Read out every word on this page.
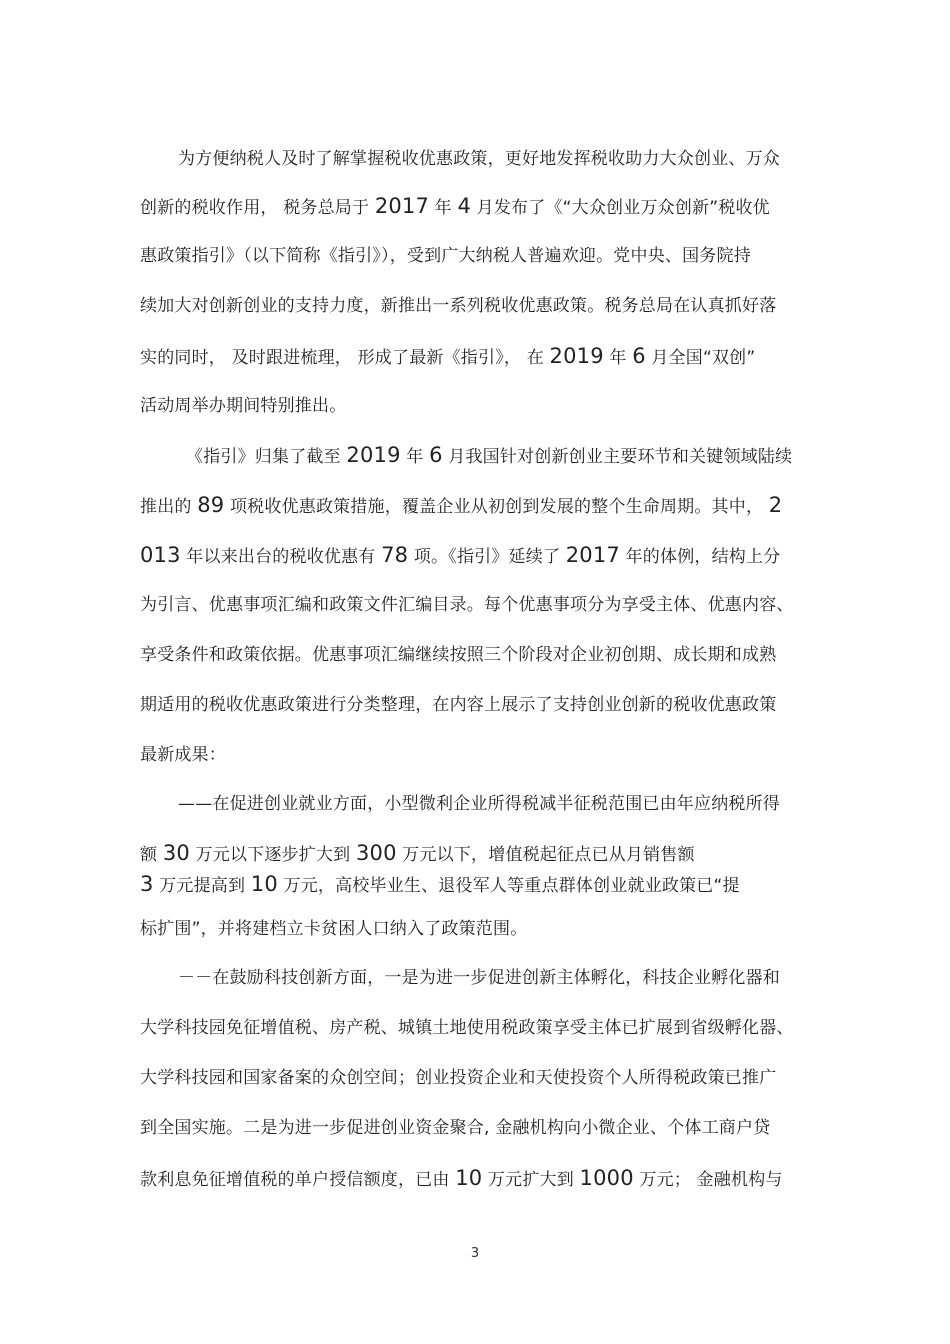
为方便纳税人及时了解掌握税收优惠政策，更好地发挥税收助力大众创业、万众
创新的税收作用， 税务总局于 2017 年 4 月发布了《“大众创业万众创新”税收优
惠政策指引》（以下简称《指引》），受到广大纳税人普遍欢迎。党中央、国务院持
续加大对创新创业的支持力度，新推出一系列税收优惠政策。税务总局在认真抓好落
实的同时， 及时跟进梳理， 形成了最新《指引》， 在 2019 年 6 月全国“双创”
活动周举办期间特别推出。
《指引》归集了截至 2019 年 6 月我国针对创新创业主要环节和关键领域陆续
推出的 89 项税收优惠政策措施，覆盖企业从初创到发展的整个生命周期。其中， 2
013 年以来出台的税收优惠有 78 项。《指引》延续了 2017 年的体例，结构上分
为引言、优惠事项汇编和政策文件汇编目录。每个优惠事项分为享受主体、优惠内容、
享受条件和政策依据。优惠事项汇编继续按照三个阶段对企业初创期、成长期和成熟
期适用的税收优惠政策进行分类整理，在内容上展示了支持创业创新的税收优惠政策
最新成果：
——在促进创业就业方面，小型微利企业所得税减半征税范围已由年应纳税所得
额 30 万元以下逐步扩大到 300 万元以下，增值税起征点已从月销售额
3 万元提高到 10 万元，高校毕业生、退役军人等重点群体创业就业政策已“提
标扩围”，并将建档立卡贫困人口纳入了政策范围。
－－在鼓励科技创新方面，一是为进一步促进创新主体孵化，科技企业孵化器和
大学科技园免征增值税、房产税、城镇土地使用税政策享受主体已扩展到省级孵化器、
大学科技园和国家备案的众创空间；创业投资企业和天使投资个人所得税政策已推广
到全国实施。二是为进一步促进创业资金聚合, 金融机构向小微企业、个体工商户贷
款利息免征增值税的单户授信额度，已由 10 万元扩大到 1000 万元； 金融机构与
3
